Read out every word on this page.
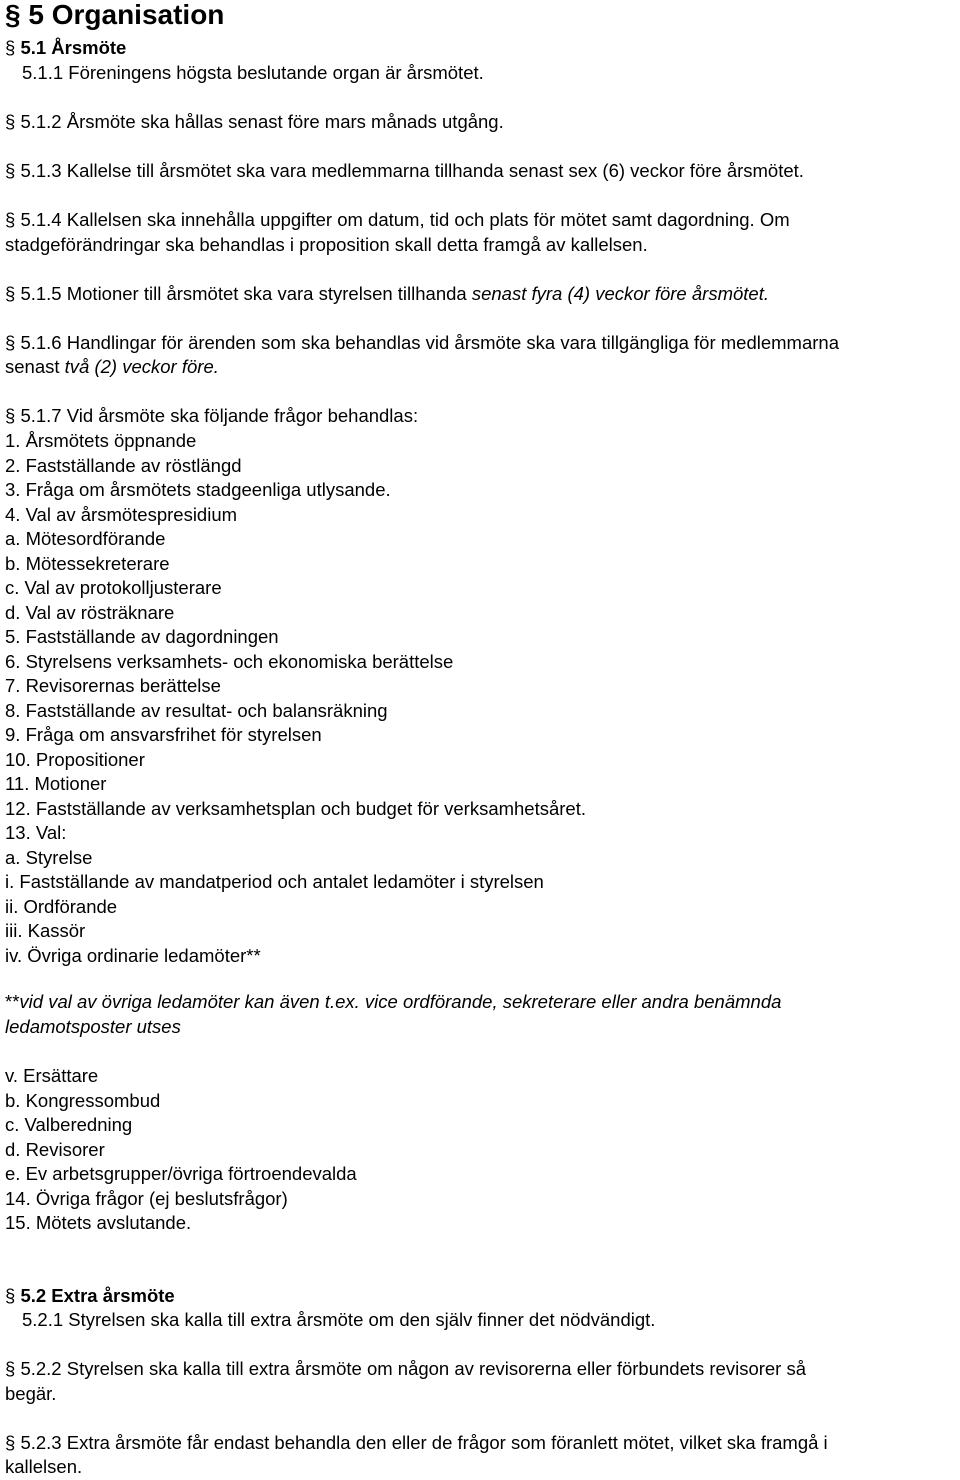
§ 5 Organisation
§ 5.1 Årsmöte
5.1.1 Föreningens högsta beslutande organ är årsmötet.
§ 5.1.2 Årsmöte ska hållas senast före mars månads utgång.
§ 5.1.3 Kallelse till årsmötet ska vara medlemmarna tillhanda senast sex (6) veckor före årsmötet.
§ 5.1.4 Kallelsen ska innehålla uppgifter om datum, tid och plats för mötet samt dagordning. Om
stadgeförändringar ska behandlas i proposition skall detta framgå av kallelsen.
§ 5.1.5 Motioner till årsmötet ska vara styrelsen tillhanda senast fyra (4) veckor före årsmötet.
§ 5.1.6 Handlingar för ärenden som ska behandlas vid årsmöte ska vara tillgängliga för medlemmarna
senast två (2) veckor före.
§ 5.1.7 Vid årsmöte ska följande frågor behandlas:
1. Årsmötets öppnande
2. Fastställande av röstlängd
3. Fråga om årsmötets stadgeenliga utlysande.
4. Val av årsmötespresidium
a. Mötesordförande
b. Mötessekreterare
c. Val av protokolljusterare
d. Val av rösträknare
5. Fastställande av dagordningen
6. Styrelsens verksamhets- och ekonomiska berättelse
7. Revisorernas berättelse
8. Fastställande av resultat- och balansräkning
9. Fråga om ansvarsfrihet för styrelsen
10. Propositioner
11. Motioner
12. Fastställande av verksamhetsplan och budget för verksamhetsåret.
13. Val:
a. Styrelse
i. Fastställande av mandatperiod och antalet ledamöter i styrelsen
ii. Ordförande
iii. Kassör
iv. Övriga ordinarie ledamöter**
**vid val av övriga ledamöter kan även t.ex. vice ordförande, sekreterare eller andra benämnda
ledamotsposter utses
v. Ersättare
b. Kongressombud
c. Valberedning
d. Revisorer
e. Ev arbetsgrupper/övriga förtroendevalda
14. Övriga frågor (ej beslutsfrågor)
15. Mötets avslutande.
§ 5.2 Extra årsmöte
5.2.1 Styrelsen ska kalla till extra årsmöte om den själv finner det nödvändigt.
§ 5.2.2 Styrelsen ska kalla till extra årsmöte om någon av revisorerna eller förbundets revisorer så
begär.
§ 5.2.3 Extra årsmöte får endast behandla den eller de frågor som föranlett mötet, vilket ska framgå i
kallelsen.
